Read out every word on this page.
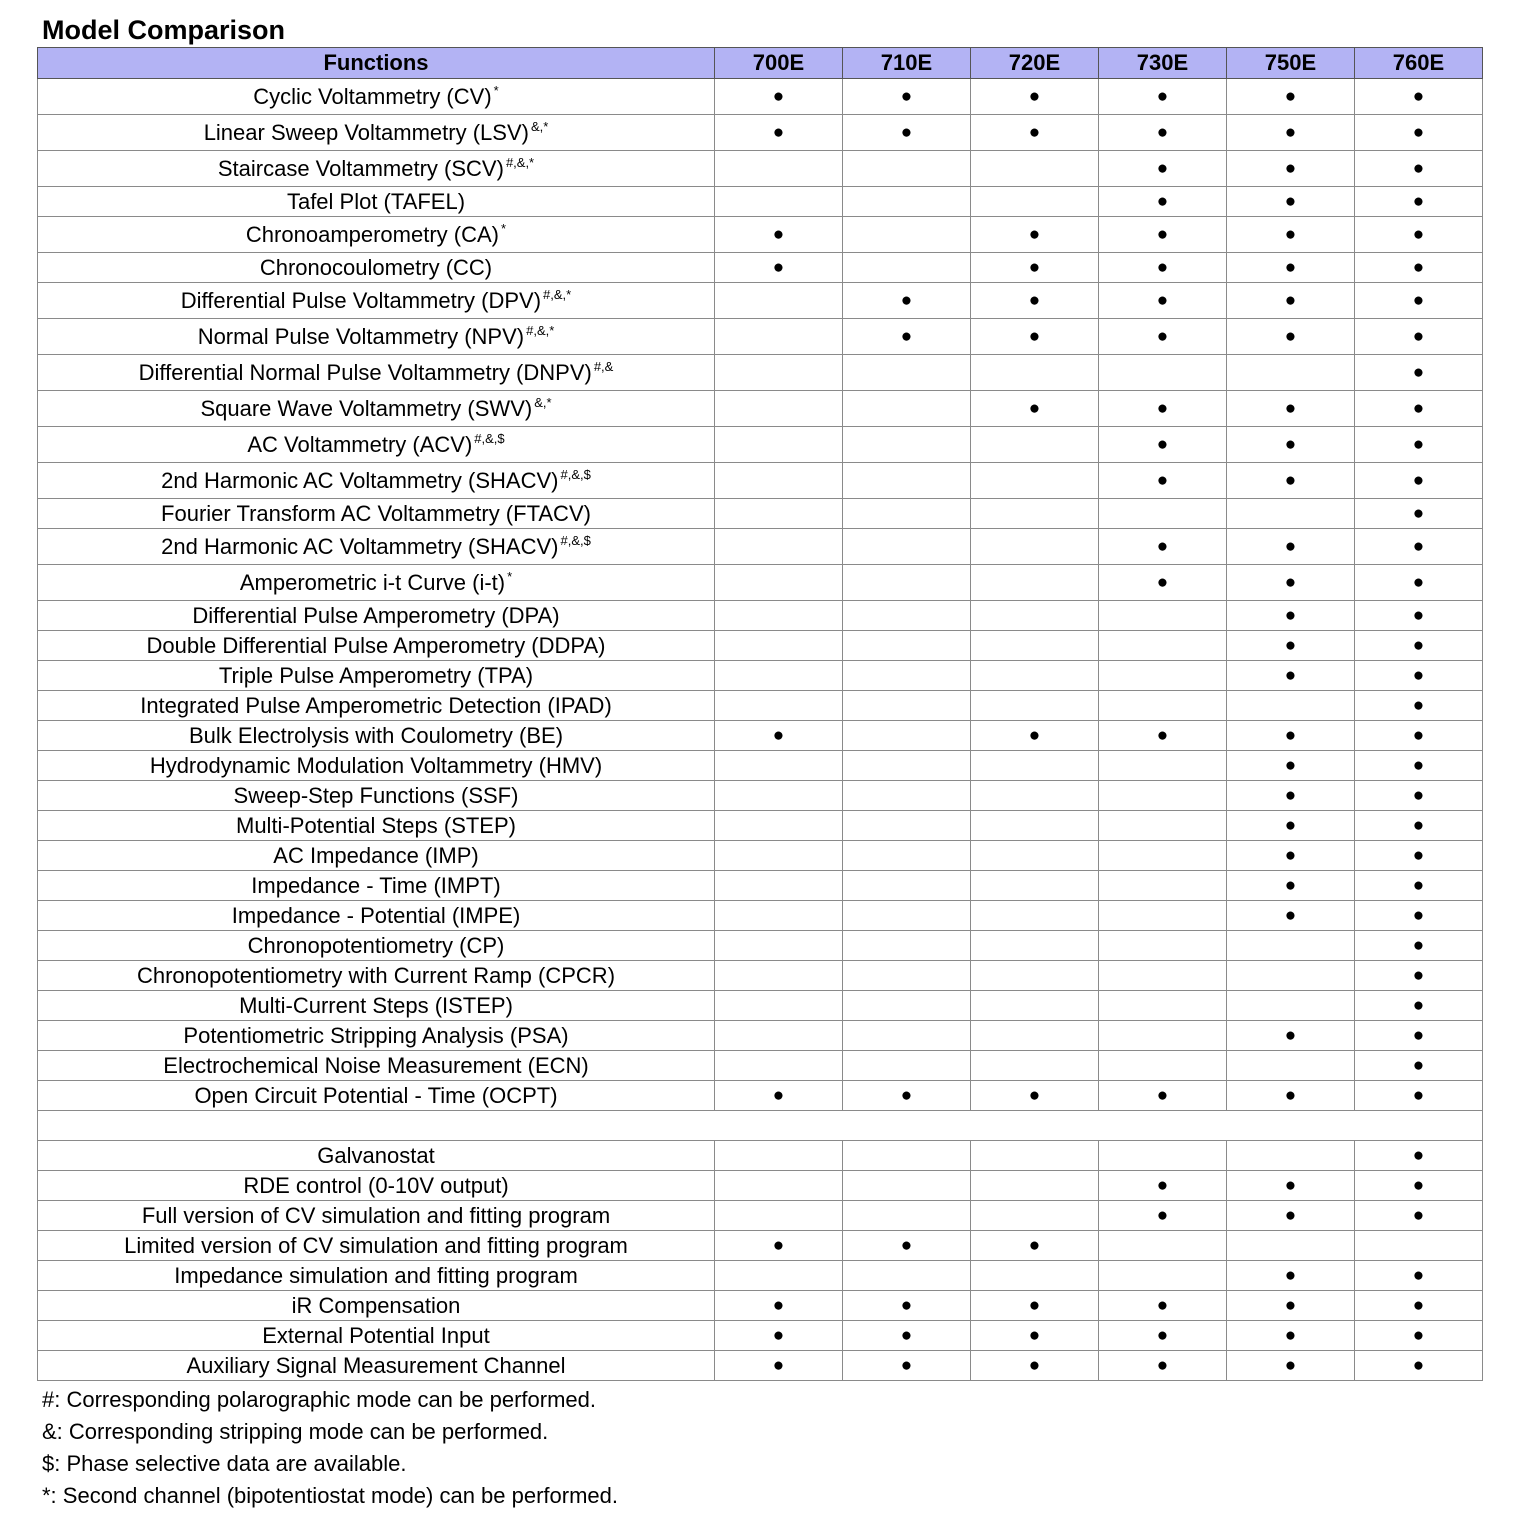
Model Comparison
Functions	700E	710E	720E	730E	750E	760E
Cyclic Voltammetry (CV) *	●	●	●	●	●	●
Linear Sweep Voltammetry (LSV) &,*	●	●	●	●	●	●
Staircase Voltammetry (SCV) #,&,*				●	●	●
Tafel Plot (TAFEL)				●	●	●
Chronoamperometry (CA) *	●		●	●	●	●
Chronocoulometry (CC)	●		●	●	●	●
Differential Pulse Voltammetry (DPV) #,&,*		●	●	●	●	●
Normal Pulse Voltammetry (NPV) #,&,*		●	●	●	●	●
Differential Normal Pulse Voltammetry (DNPV) #,&						●
Square Wave Voltammetry (SWV) &,*			●	●	●	●
AC Voltammetry (ACV) #,&,$				●	●	●
2nd Harmonic AC Voltammetry (SHACV) #,&,$				●	●	●
Fourier Transform AC Voltammetry (FTACV)						●
2nd Harmonic AC Voltammetry (SHACV) #,&,$				●	●	●
Amperometric i-t Curve (i-t) *				●	●	●
Differential Pulse Amperometry (DPA)					●	●
Double Differential Pulse Amperometry (DDPA)					●	●
Triple Pulse Amperometry (TPA)					●	●
Integrated Pulse Amperometric Detection (IPAD)						●
Bulk Electrolysis with Coulometry (BE)	●		●	●	●	●
Hydrodynamic Modulation Voltammetry (HMV)					●	●
Sweep-Step Functions (SSF)					●	●
Multi-Potential Steps (STEP)					●	●
AC Impedance (IMP)					●	●
Impedance - Time (IMPT)					●	●
Impedance - Potential (IMPE)					●	●
Chronopotentiometry (CP)						●
Chronopotentiometry with Current Ramp (CPCR)						●
Multi-Current Steps (ISTEP)						●
Potentiometric Stripping Analysis (PSA)					●	●
Electrochemical Noise Measurement (ECN)						●
Open Circuit Potential - Time (OCPT)	●	●	●	●	●	●

Galvanostat						●
RDE control (0-10V output)				●	●	●
Full version of CV simulation and fitting program				●	●	●
Limited version of CV simulation and fitting program	●	●	●			
Impedance simulation and fitting program					●	●
iR Compensation	●	●	●	●	●	●
External Potential Input	●	●	●	●	●	●
Auxiliary Signal Measurement Channel	●	●	●	●	●	●
#: Corresponding polarographic mode can be performed.
&: Corresponding stripping mode can be performed.
$: Phase selective data are available.
*: Second channel (bipotentiostat mode) can be performed.
